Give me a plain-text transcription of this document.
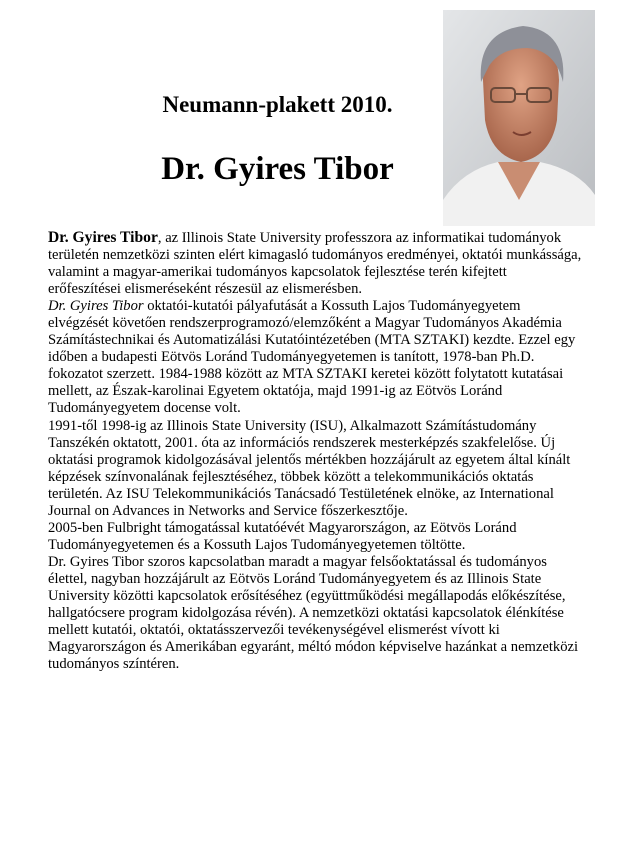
Neumann-plakett 2010.
Dr. Gyires Tibor

Dr. Gyires Tibor, az Illinois State University professzora az informatikai tudományok területén nemzetközi szinten elért kimagasló tudományos eredményei, oktatói munkássága, valamint a magyar-amerikai tudományos kapcsolatok fejlesztése terén kifejtett erőfeszítései elismeréseként részesül az elismerésben.

Dr. Gyires Tibor oktatói-kutatói pályafutását a Kossuth Lajos Tudományegyetem elvégzését követően rendszerprogramozó/elemzőként a Magyar Tudományos Akadémia Számítástechnikai és Automatizálási Kutatóintézetében (MTA SZTAKI) kezdte. Ezzel egy időben a budapesti Eötvös Loránd Tudományegyetemen is tanított, 1978-ban Ph.D. fokozatot szerzett. 1984-1988 között az MTA SZTAKI keretei között folytatott kutatásai mellett, az Észak-karolinai Egyetem oktatója, majd 1991-ig az Eötvös Loránd Tudományegyetem docense volt.

1991-től 1998-ig az Illinois State University (ISU), Alkalmazott Számítástudomány Tanszékén oktatott, 2001. óta az információs rendszerek mesterképzés szakfelelőse. Új oktatási programok kidolgozásával jelentős mértékben hozzájárult az egyetem által kínált képzések színvonalának fejlesztéséhez, többek között a telekommunikációs oktatás területén. Az ISU Telekommunikációs Tanácsadó Testületének elnöke, az International Journal on Advances in Networks and Service főszerkesztője.

2005-ben Fulbright támogatással kutatóévét Magyarországon, az Eötvös Loránd Tudományegyetemen és a Kossuth Lajos Tudományegyetemen töltötte.

Dr. Gyires Tibor szoros kapcsolatban maradt a magyar felsőoktatással és tudományos élettel, nagyban hozzájárult az Eötvös Loránd Tudományegyetem és az Illinois State University közötti kapcsolatok erősítéséhez (együttműködési megállapodás előkészítése, hallgatócsere program kidolgozása révén). A nemzetközi oktatási kapcsolatok élénkítése mellett kutatói, oktatói, oktatásszervezői tevékenységével elismerést vívott ki Magyarországon és Amerikában egyaránt, méltó módon képviselve hazánkat a nemzetközi tudományos színtéren.
